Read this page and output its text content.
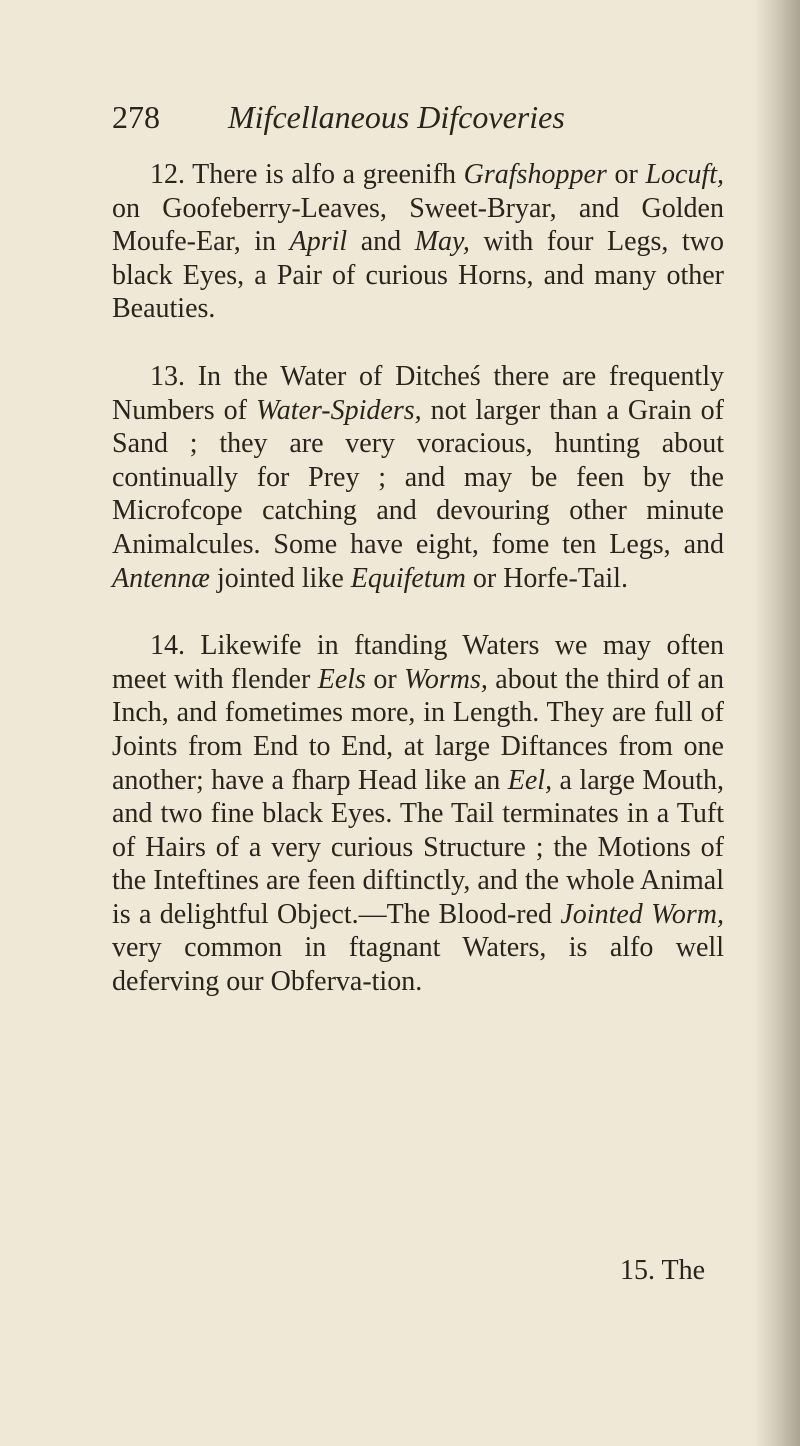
278 Mifcellaneous Difcoveries

12. There is alfo a greenifh Grafshopper or Locuft, on Goofeberry-Leaves, Sweet-Bryar, and Golden Moufe-Ear, in April and May, with four Legs, two black Eyes, a Pair of curious Horns, and many other Beauties.

13. In the Water of Ditcheś there are frequently Numbers of Water-Spiders, not larger than a Grain of Sand ; they are very voracious, hunting about continually for Prey ; and may be feen by the Microfcope catching and devouring other minute Animalcules. Some have eight, fome ten Legs, and Antennæ jointed like Equifetum or Horfe-Tail.

14. Likewife in ftanding Waters we may often meet with flender Eels or Worms, about the third of an Inch, and fometimes more, in Length. They are full of Joints from End to End, at large Diftances from one another; have a fharp Head like an Eel, a large Mouth, and two fine black Eyes. The Tail terminates in a Tuft of Hairs of a very curious Structure ; the Motions of the Inteftines are feen diftinctly, and the whole Animal is a delightful Object.—The Blood-red Jointed Worm, very common in ftagnant Waters, is alfo well deferving our Obferva-tion.

15. The
